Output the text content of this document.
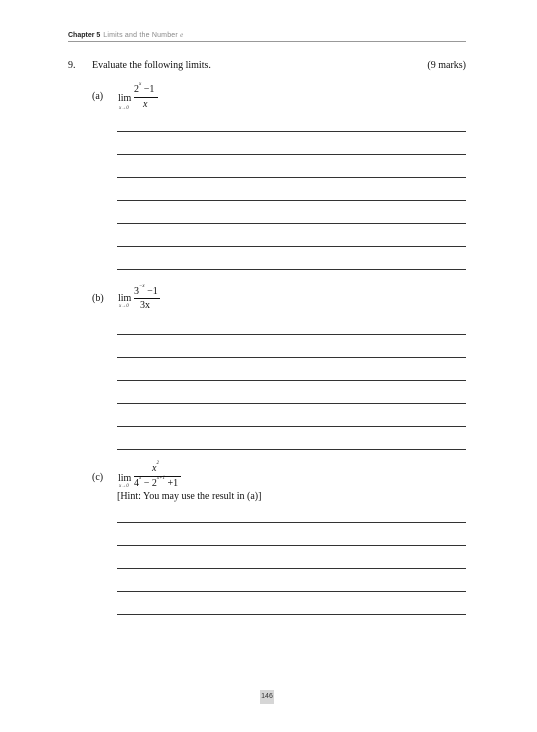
Chapter 5 Limits and the Number e
9. Evaluate the following limits.	(9 marks)
(a) lim
x→0
$2^x -1$
x
(b) lim
x→0
$3^{-x} -1$
3x
(c) lim
x→0
$x^2$
$4^x - 2^{x+1} +1$
[Hint: You may use the result in (a)]
146
